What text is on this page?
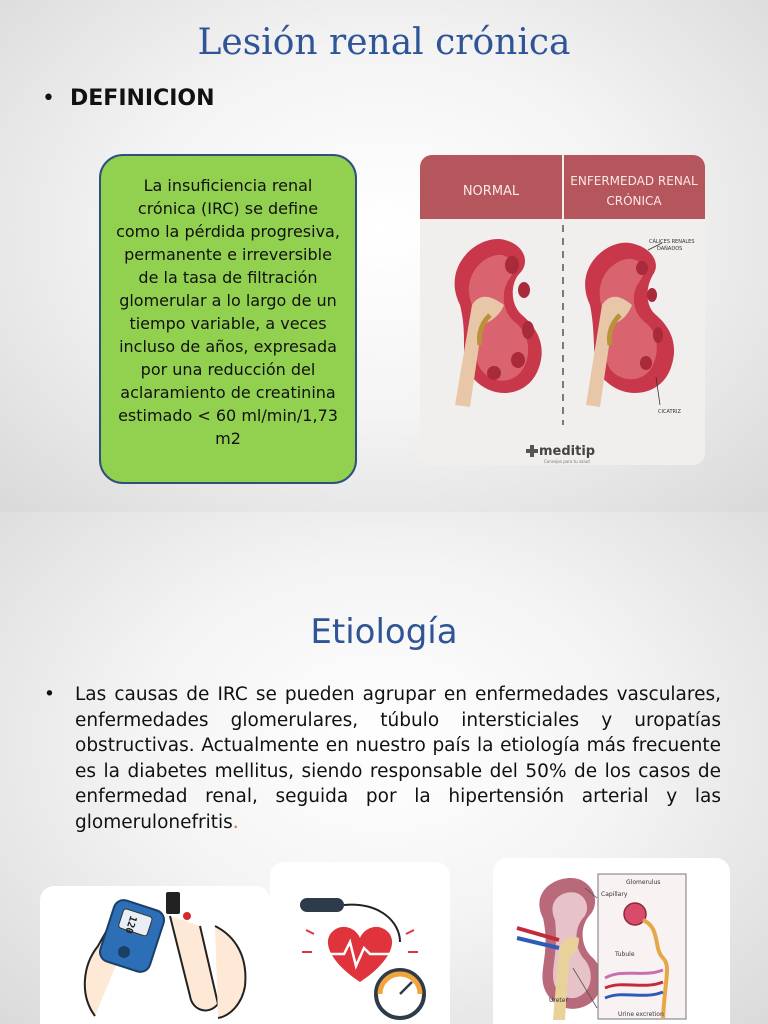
Lesión renal crónica
• DEFINICION
La insuficiencia renal crónica (IRC) se define como la pérdida progresiva, permanente e irreversible de la tasa de filtración glomerular a lo largo de un tiempo variable, a veces incluso de años, expresada por una reducción del aclaramiento de creatinina estimado < 60 ml/min/1,73 m2
NORMAL
ENFERMEDAD RENAL
CRÓNICA
CÁLICES RENALES
DAÑADOS
CICATRIZ
meditip
Consejos para tu salud
Etiología
• Las causas de IRC se pueden agrupar en enfermedades vasculares, enfermedades glomerulares, túbulo intersticiales y uropatías obstructivas. Actualmente en nuestro país la etiología más frecuente es la diabetes mellitus, siendo responsable del 50% de los casos de enfermedad renal, seguida por la hipertensión arterial y las glomerulonefritis.
120
Glomerulus
Capillary
Tubule
Ureter
Urine excretion
